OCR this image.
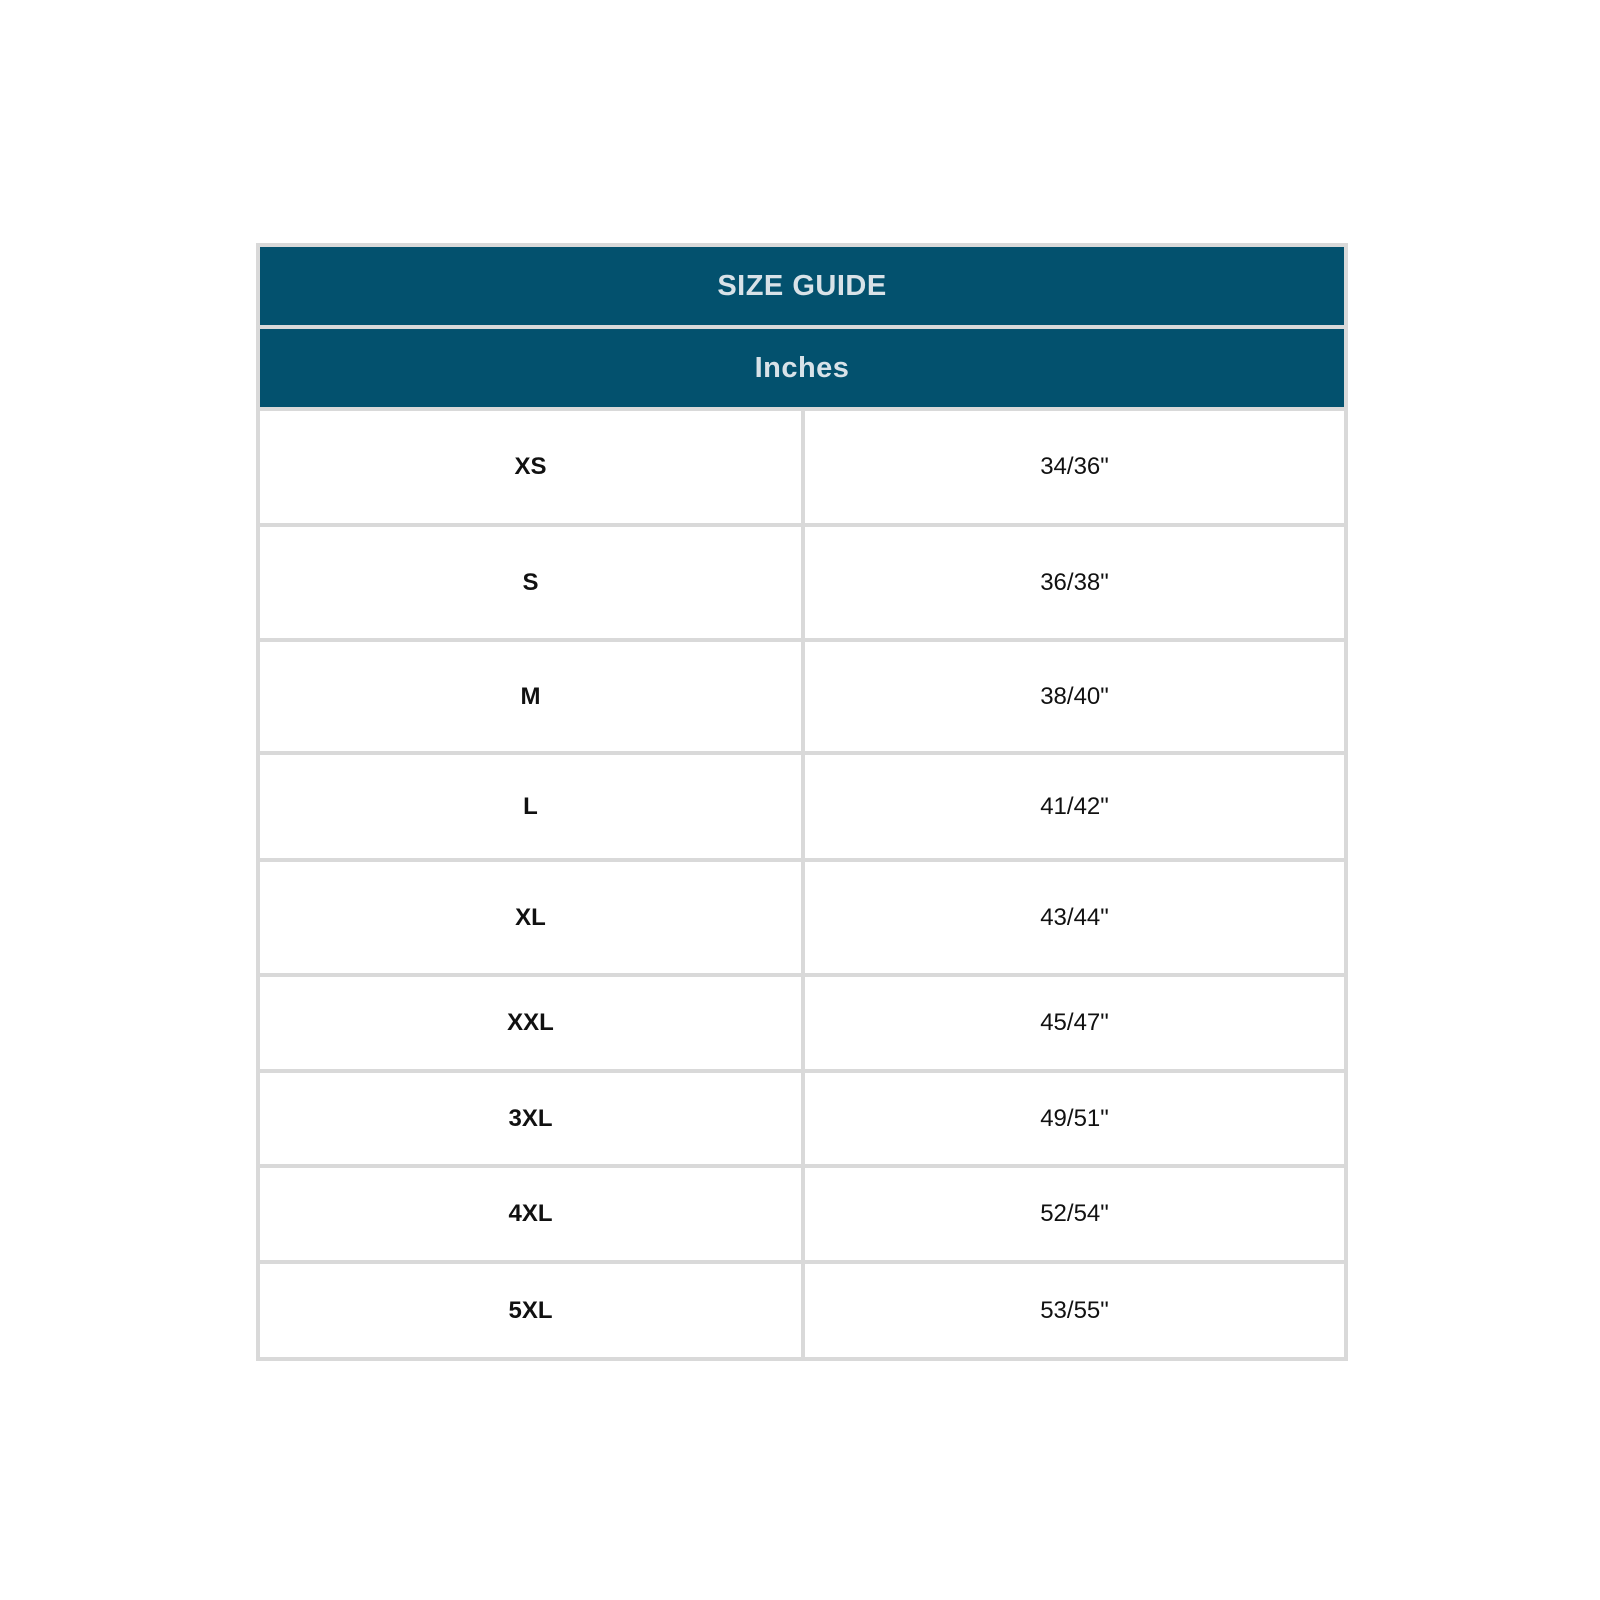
SIZE GUIDE
Inches
XS	34/36"
S	36/38"
M	38/40"
L	41/42"
XL	43/44"
XXL	45/47"
3XL	49/51"
4XL	52/54"
5XL	53/55"
